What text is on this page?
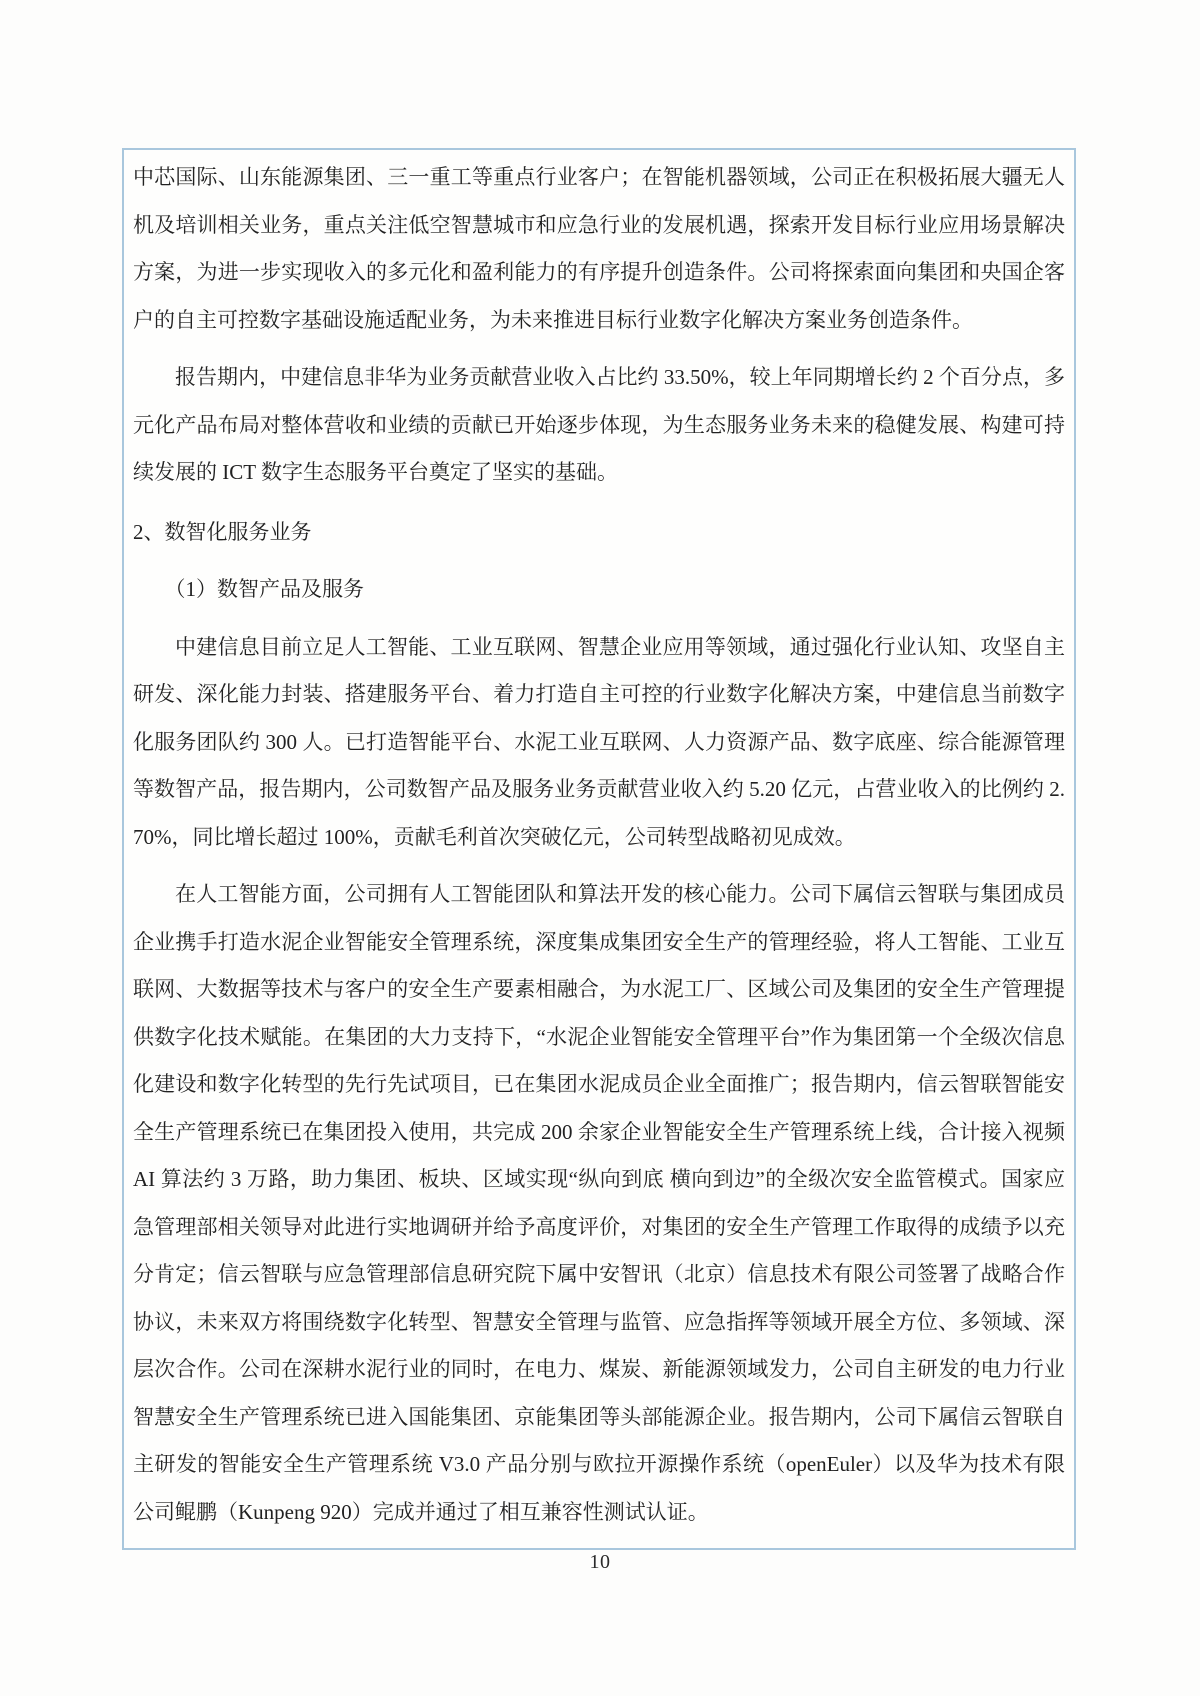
中芯国际、山东能源集团、三一重工等重点行业客户；在智能机器领域，公司正在积极拓展大疆无人机及培训相关业务，重点关注低空智慧城市和应急行业的发展机遇，探索开发目标行业应用场景解决方案，为进一步实现收入的多元化和盈利能力的有序提升创造条件。公司将探索面向集团和央国企客户的自主可控数字基础设施适配业务，为未来推进目标行业数字化解决方案业务创造条件。

报告期内，中建信息非华为业务贡献营业收入占比约 33.50%，较上年同期增长约 2 个百分点，多元化产品布局对整体营收和业绩的贡献已开始逐步体现，为生态服务业务未来的稳健发展、构建可持续发展的 ICT 数字生态服务平台奠定了坚实的基础。

2、数智化服务业务

（1）数智产品及服务

中建信息目前立足人工智能、工业互联网、智慧企业应用等领域，通过强化行业认知、攻坚自主研发、深化能力封装、搭建服务平台、着力打造自主可控的行业数字化解决方案，中建信息当前数字化服务团队约 300 人。已打造智能平台、水泥工业互联网、人力资源产品、数字底座、综合能源管理等数智产品，报告期内，公司数智产品及服务业务贡献营业收入约 5.20 亿元，占营业收入的比例约 2.70%，同比增长超过 100%，贡献毛利首次突破亿元，公司转型战略初见成效。

在人工智能方面，公司拥有人工智能团队和算法开发的核心能力。公司下属信云智联与集团成员企业携手打造水泥企业智能安全管理系统，深度集成集团安全生产的管理经验，将人工智能、工业互联网、大数据等技术与客户的安全生产要素相融合，为水泥工厂、区域公司及集团的安全生产管理提供数字化技术赋能。在集团的大力支持下，“水泥企业智能安全管理平台”作为集团第一个全级次信息化建设和数字化转型的先行先试项目，已在集团水泥成员企业全面推广；报告期内，信云智联智能安全生产管理系统已在集团投入使用，共完成 200 余家企业智能安全生产管理系统上线，合计接入视频 AI 算法约 3 万路，助力集团、板块、区域实现“纵向到底 横向到边”的全级次安全监管模式。国家应急管理部相关领导对此进行实地调研并给予高度评价，对集团的安全生产管理工作取得的成绩予以充分肯定；信云智联与应急管理部信息研究院下属中安智讯（北京）信息技术有限公司签署了战略合作协议，未来双方将围绕数字化转型、智慧安全管理与监管、应急指挥等领域开展全方位、多领域、深层次合作。公司在深耕水泥行业的同时，在电力、煤炭、新能源领域发力，公司自主研发的电力行业智慧安全生产管理系统已进入国能集团、京能集团等头部能源企业。报告期内，公司下属信云智联自主研发的智能安全生产管理系统 V3.0 产品分别与欧拉开源操作系统（openEuler）以及华为技术有限公司鲲鹏（Kunpeng 920）完成并通过了相互兼容性测试认证。

10
